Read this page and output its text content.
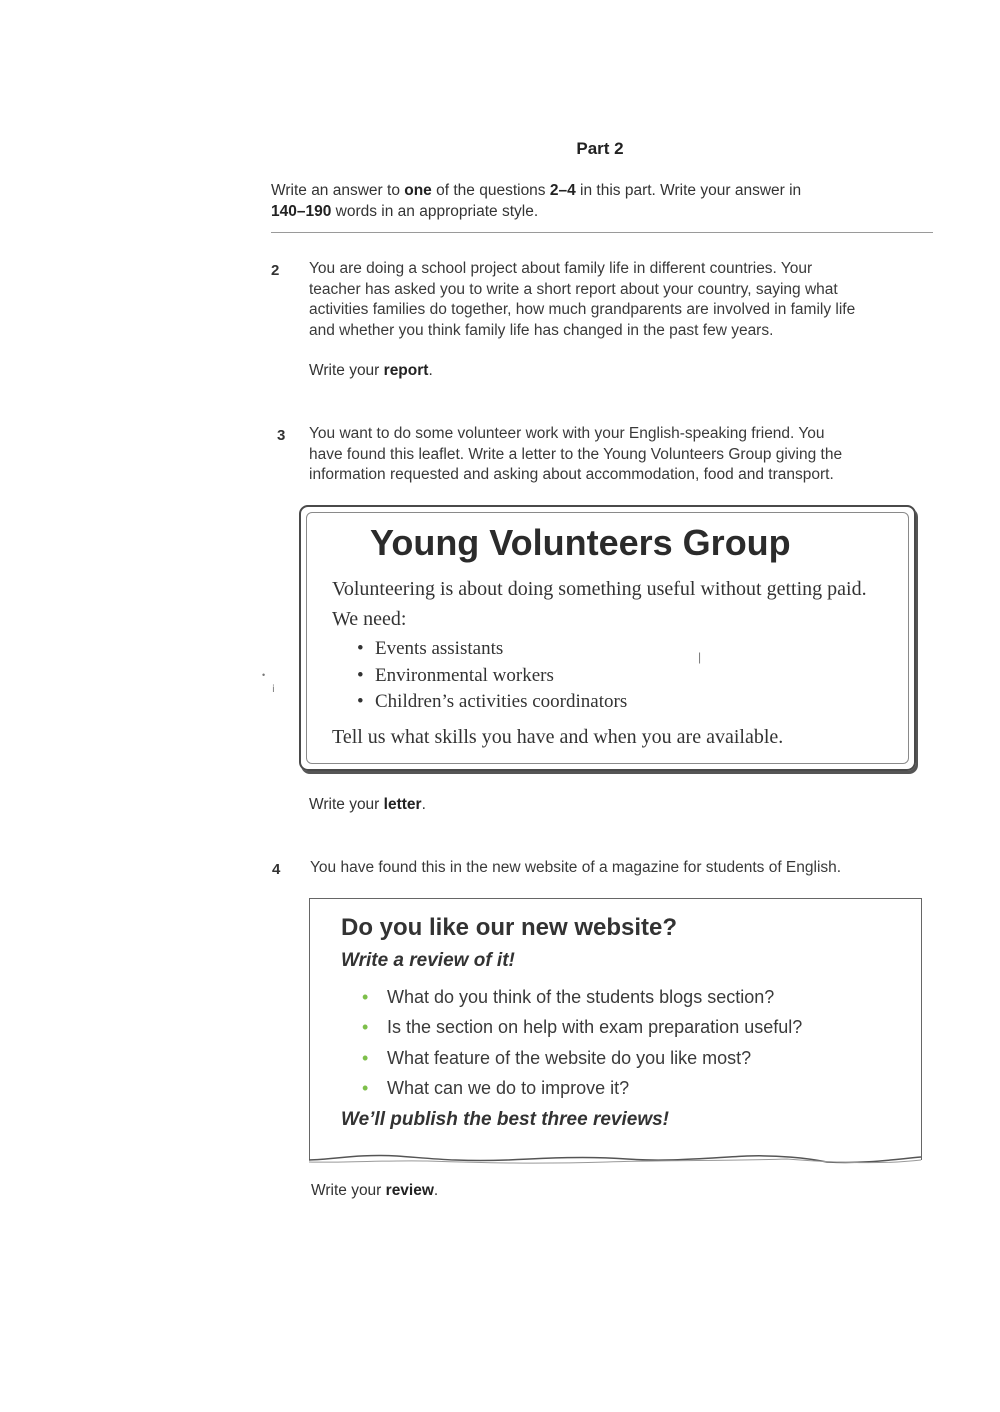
Part 2
Write an answer to one of the questions 2–4 in this part. Write your answer in
140–190 words in an appropriate style.
2 You are doing a school project about family life in different countries. Your
teacher has asked you to write a short report about your country, saying what
activities families do together, how much grandparents are involved in family life
and whether you think family life has changed in the past few years.
Write your report.
3 You want to do some volunteer work with your English-speaking friend. You
have found this leaflet. Write a letter to the Young Volunteers Group giving the
information requested and asking about accommodation, food and transport.
Young Volunteers Group
Volunteering is about doing something useful without getting paid.
We need:
• Events assistants
• Environmental workers
• Children’s activities coordinators
Tell us what skills you have and when you are available.
|
•
ⅰ
Write your letter.
4 You have found this in the new website of a magazine for students of English.
Do you like our new website?
Write a review of it!
• What do you think of the students blogs section?
• Is the section on help with exam preparation useful?
• What feature of the website do you like most?
• What can we do to improve it?
We’ll publish the best three reviews!
Write your review.
